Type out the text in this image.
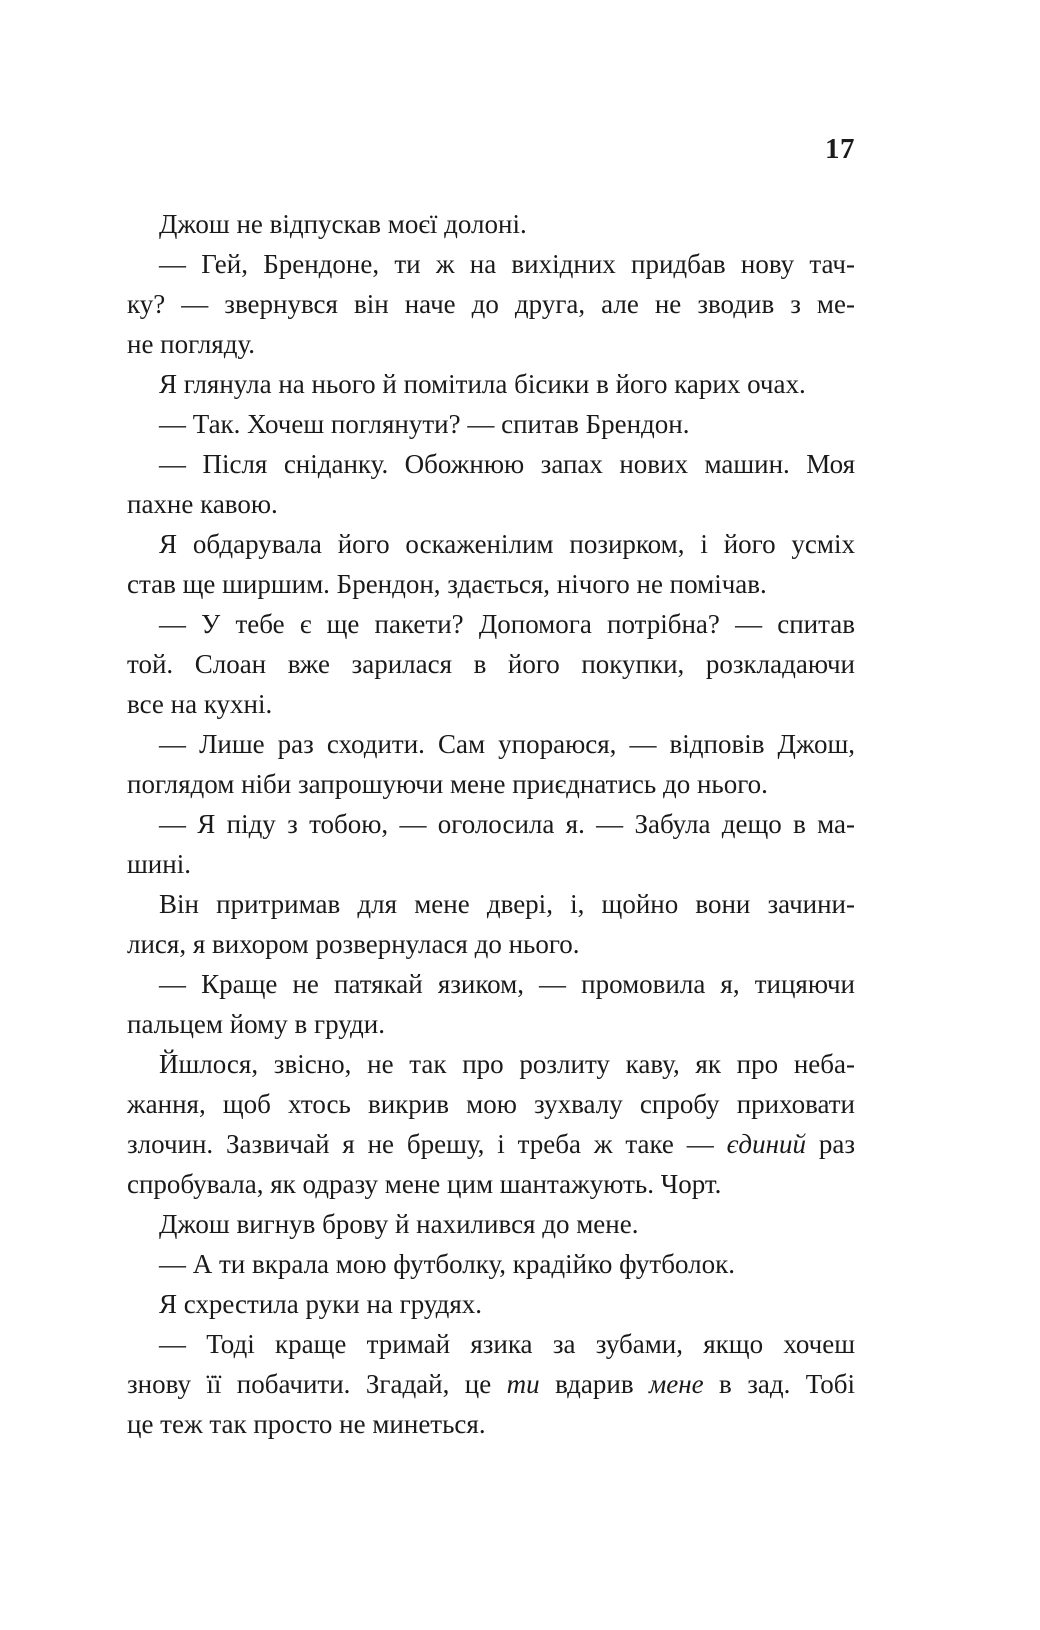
17
Джош не відпускав моєї долоні.
— Гей, Брендоне, ти ж на вихідних придбав нову тач-
ку? — звернувся він наче до друга, але не зводив з ме-
не погляду.
Я глянула на нього й помітила бісики в його карих очах.
— Так. Хочеш поглянути? — спитав Брендон.
— Після сніданку. Обожнюю запах нових машин. Моя
пахне кавою.
Я обдарувала його оскаженілим позирком, і його усміх
став ще ширшим. Брендон, здається, нічого не помічав.
— У тебе є ще пакети? Допомога потрібна? — спитав
той. Слоан вже зарилася в його покупки, розкладаючи
все на кухні.
— Лише раз сходити. Сам упораюся, — відповів Джош,
поглядом ніби запрошуючи мене приєднатись до нього.
— Я піду з тобою, — оголосила я. — Забула дещо в ма-
шині.
Він притримав для мене двері, і, щойно вони зачини-
лися, я вихором розвернулася до нього.
— Краще не патякай язиком, — промовила я, тицяючи
пальцем йому в груди.
Йшлося, звісно, не так про розлиту каву, як про неба-
жання, щоб хтось викрив мою зухвалу спробу приховати
злочин. Зазвичай я не брешу, і треба ж таке — єдиний раз
спробувала, як одразу мене цим шантажують. Чорт.
Джош вигнув брову й нахилився до мене.
— А ти вкрала мою футболку, крадійко футболок.
Я схрестила руки на грудях.
— Тоді краще тримай язика за зубами, якщо хочеш
знову її побачити. Згадай, це ти вдарив мене в зад. Тобі
це теж так просто не минеться.
